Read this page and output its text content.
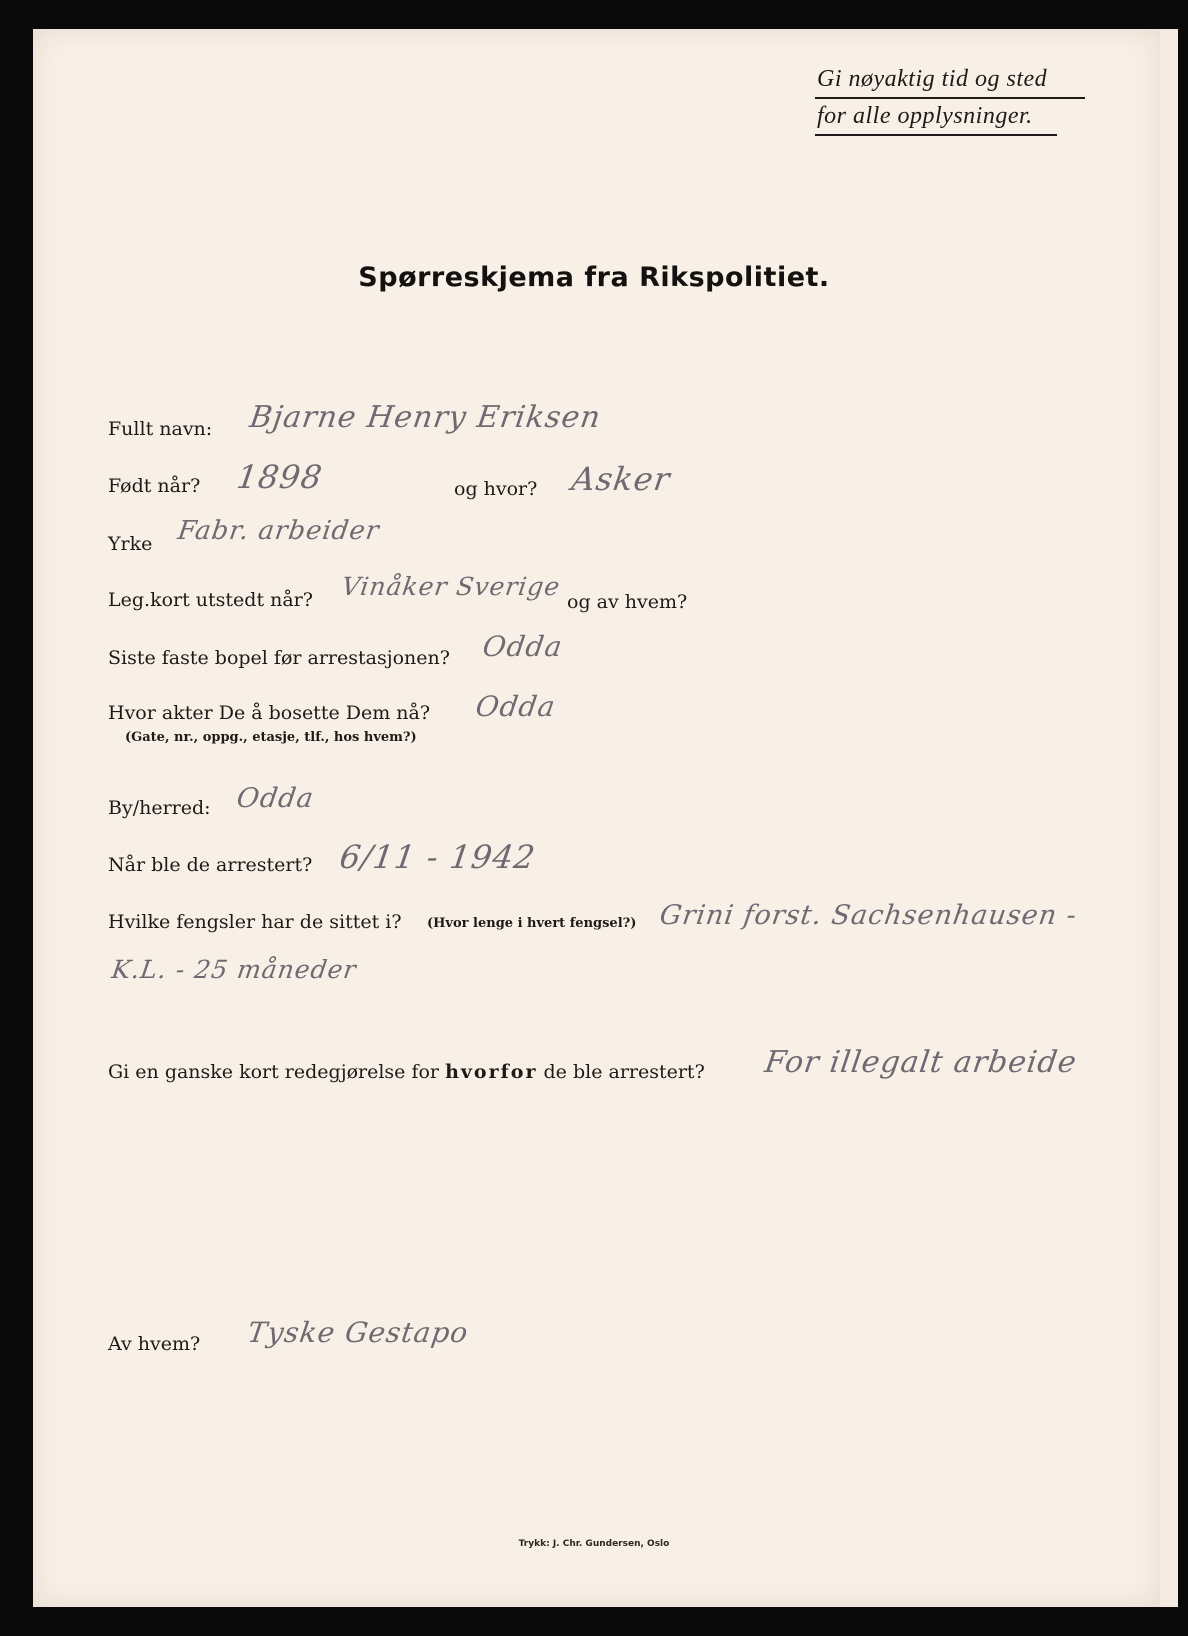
Gi nøyaktig tid og sted
for alle opplysninger.
Spørreskjema fra Rikspolitiet.
Fullt navn: Bjarne Henry Eriksen
Født når? 1898	og hvor? Asker
Yrke Fabr. arbeider
Leg.kort utstedt når? Vinåker Sverige
og av hvem?
Siste faste bopel før arrestasjonen? Odda
Hvor akter De å bosette Dem nå?
(Gate, nr., oppg., etasje, tlf., hos hvem?)
Odda
By/herred: Odda
Når ble de arrestert? 6/11 - 1942
Hvilke fengsler har de sittet i? (Hvor lenge i hvert fengsel?) Grini forst. Sachsenhausen -
K.L. - 25 måneder
Gi en ganske kort redegjørelse for hvorfor de ble arrestert? For illegalt arbeide
Av hvem? Tyske Gestapo
Trykk: J. Chr. Gundersen, Oslo
